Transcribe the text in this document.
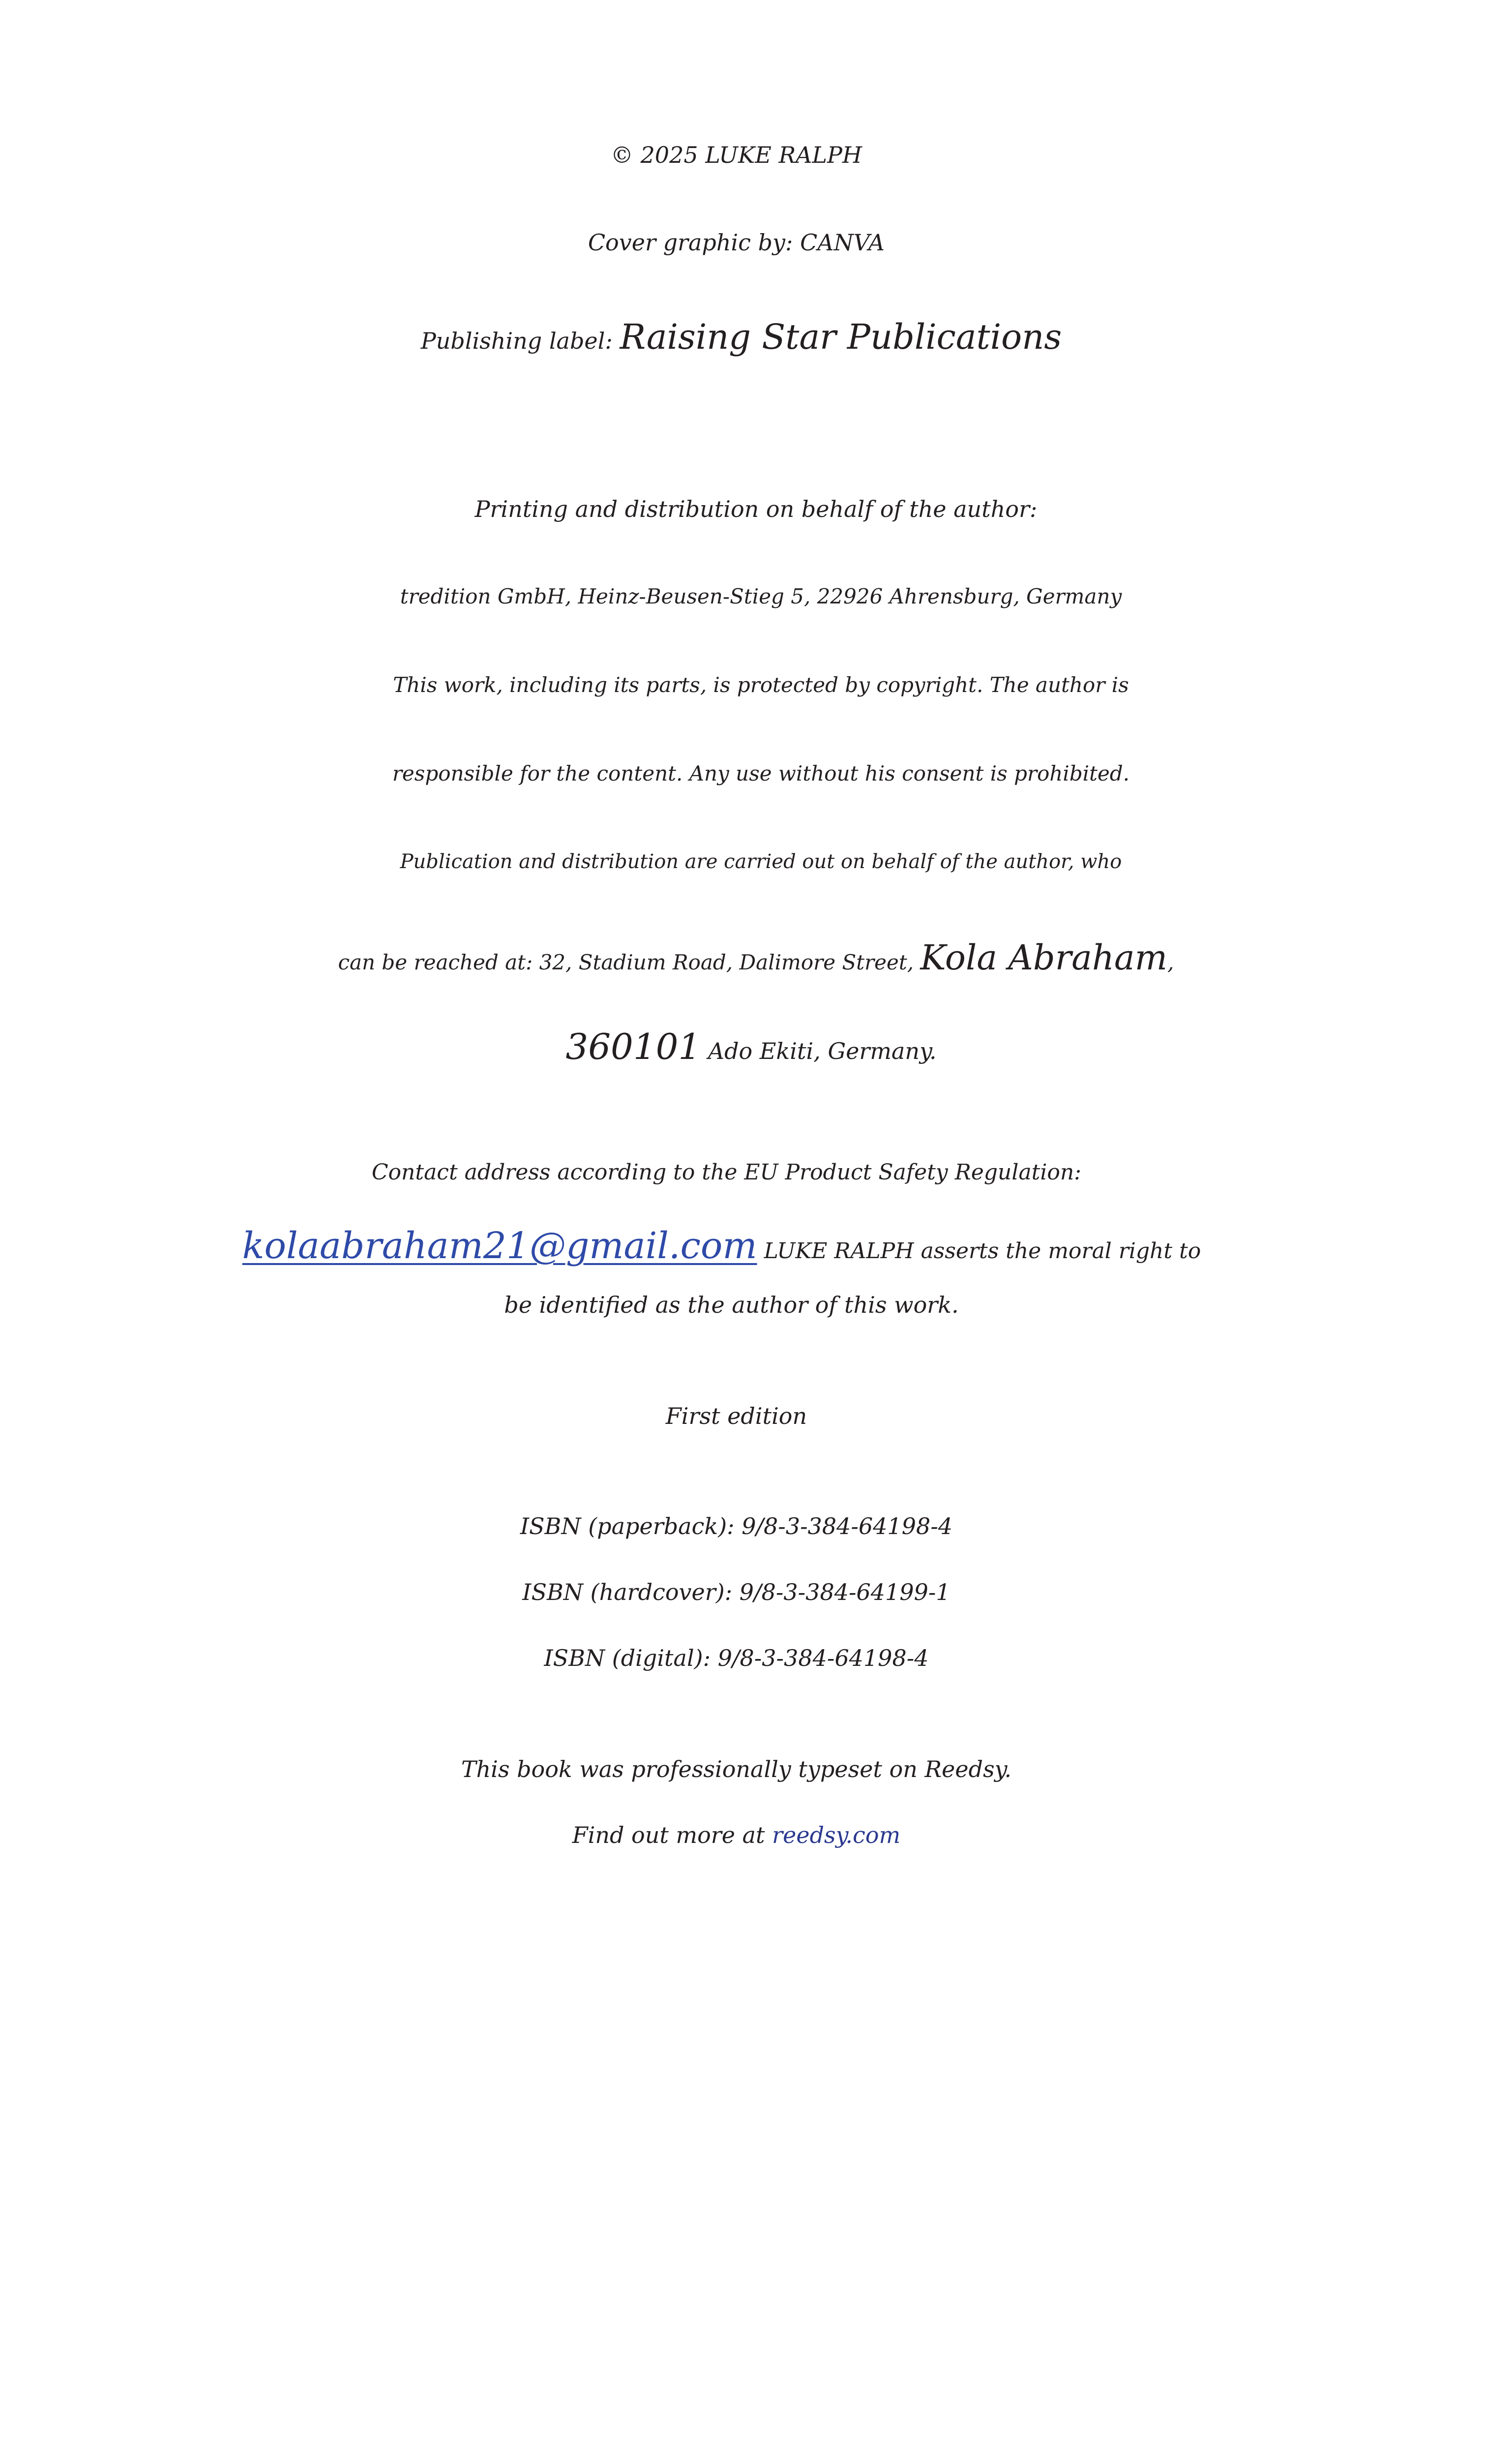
© 2025 LUKE RALPH
Cover graphic by: CANVA
Publishing label: Raising Star Publications
Printing and distribution on behalf of the author:
tredition GmbH, Heinz-Beusen-Stieg 5, 22926 Ahrensburg, Germany
This work, including its parts, is protected by copyright. The author is
responsible for the content. Any use without his consent is prohibited.
Publication and distribution are carried out on behalf of the author, who
can be reached at: 32, Stadium Road, Dalimore Street, Kola Abraham,
360101 Ado Ekiti, Germany.
Contact address according to the EU Product Safety Regulation:
kolaabraham21@gmail.com LUKE RALPH asserts the moral right to
be identified as the author of this work.
First edition
ISBN (paperback): 9/8-3-384-64198-4
ISBN (hardcover): 9/8-3-384-64199-1
ISBN (digital): 9/8-3-384-64198-4
This book was professionally typeset on Reedsy.
Find out more at reedsy.com
